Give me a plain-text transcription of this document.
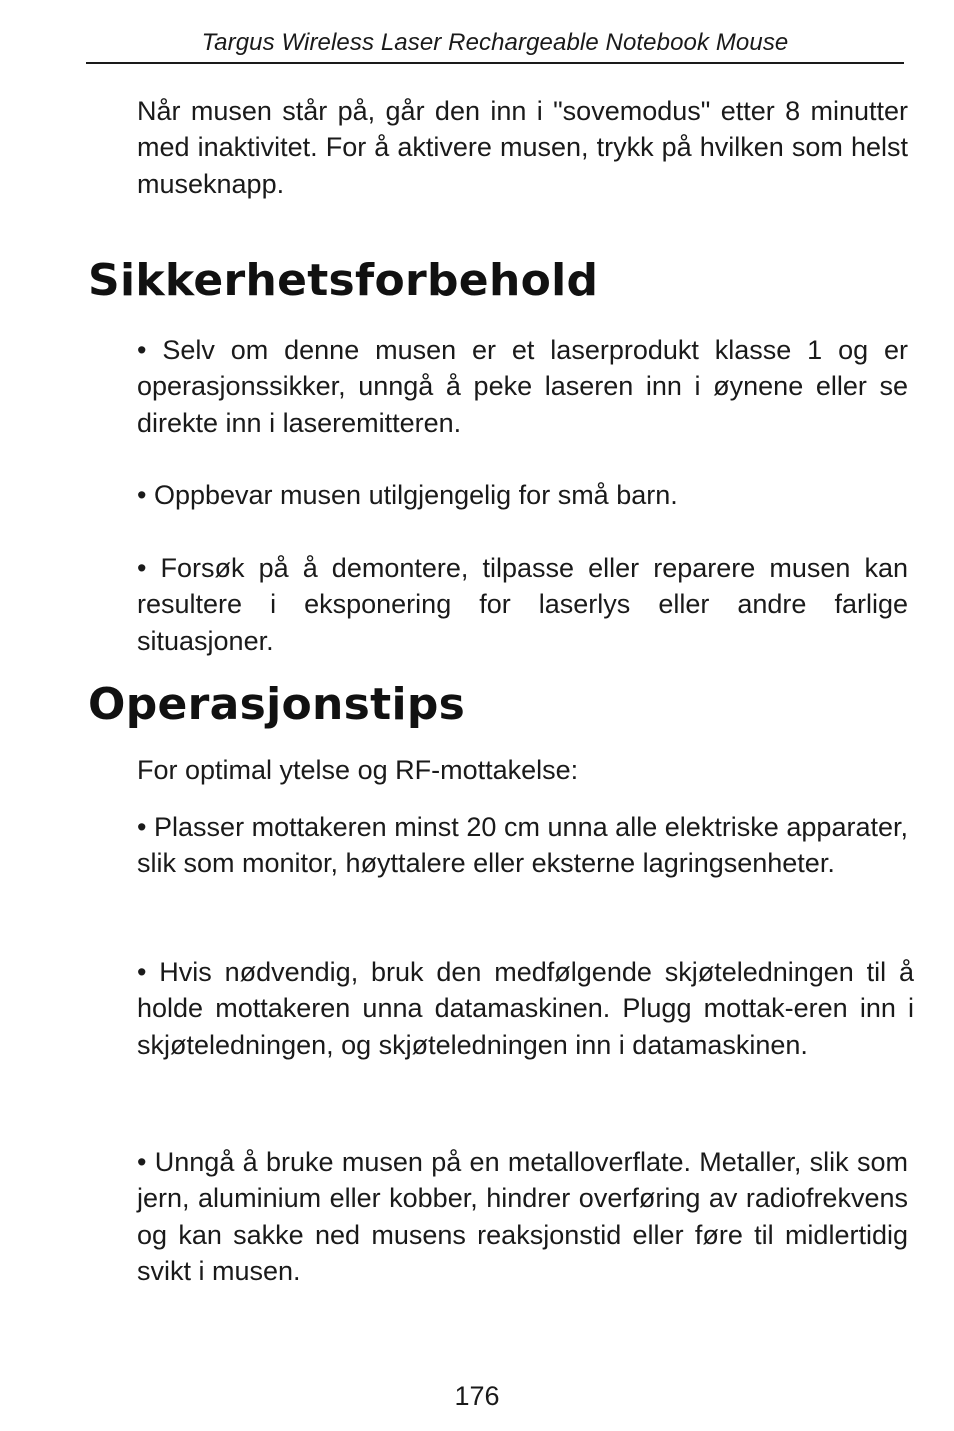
Targus Wireless Laser Rechargeable Notebook Mouse

Når musen står på, går den inn i "sovemodus" etter 8 minutter med inaktivitet. For å aktivere musen, trykk på hvilken som helst museknapp.

Sikkerhetsforbehold

• Selv om denne musen er et laserprodukt klasse 1 og er operasjonssikker, unngå å peke laseren inn i øynene eller se direkte inn i laseremitteren.

• Oppbevar musen utilgjengelig for små barn.

• Forsøk på å demontere, tilpasse eller reparere musen kan resultere i eksponering for laserlys eller andre farlige situasjoner.

Operasjonstips

For optimal ytelse og RF-mottakelse:

• Plasser mottakeren minst 20 cm unna alle elektriske apparater, slik som monitor, høyttalere eller eksterne lagringsenheter.

• Hvis nødvendig, bruk den medfølgende skjøteledningen til å holde mottakeren unna datamaskinen. Plugg mottak-eren inn i skjøteledningen, og skjøteledningen inn i datamaskinen.

• Unngå å bruke musen på en metalloverflate. Metaller, slik som jern, aluminium eller kobber, hindrer overføring av radiofrekvens og kan sakke ned musens reaksjonstid eller føre til midlertidig svikt i musen.

176
